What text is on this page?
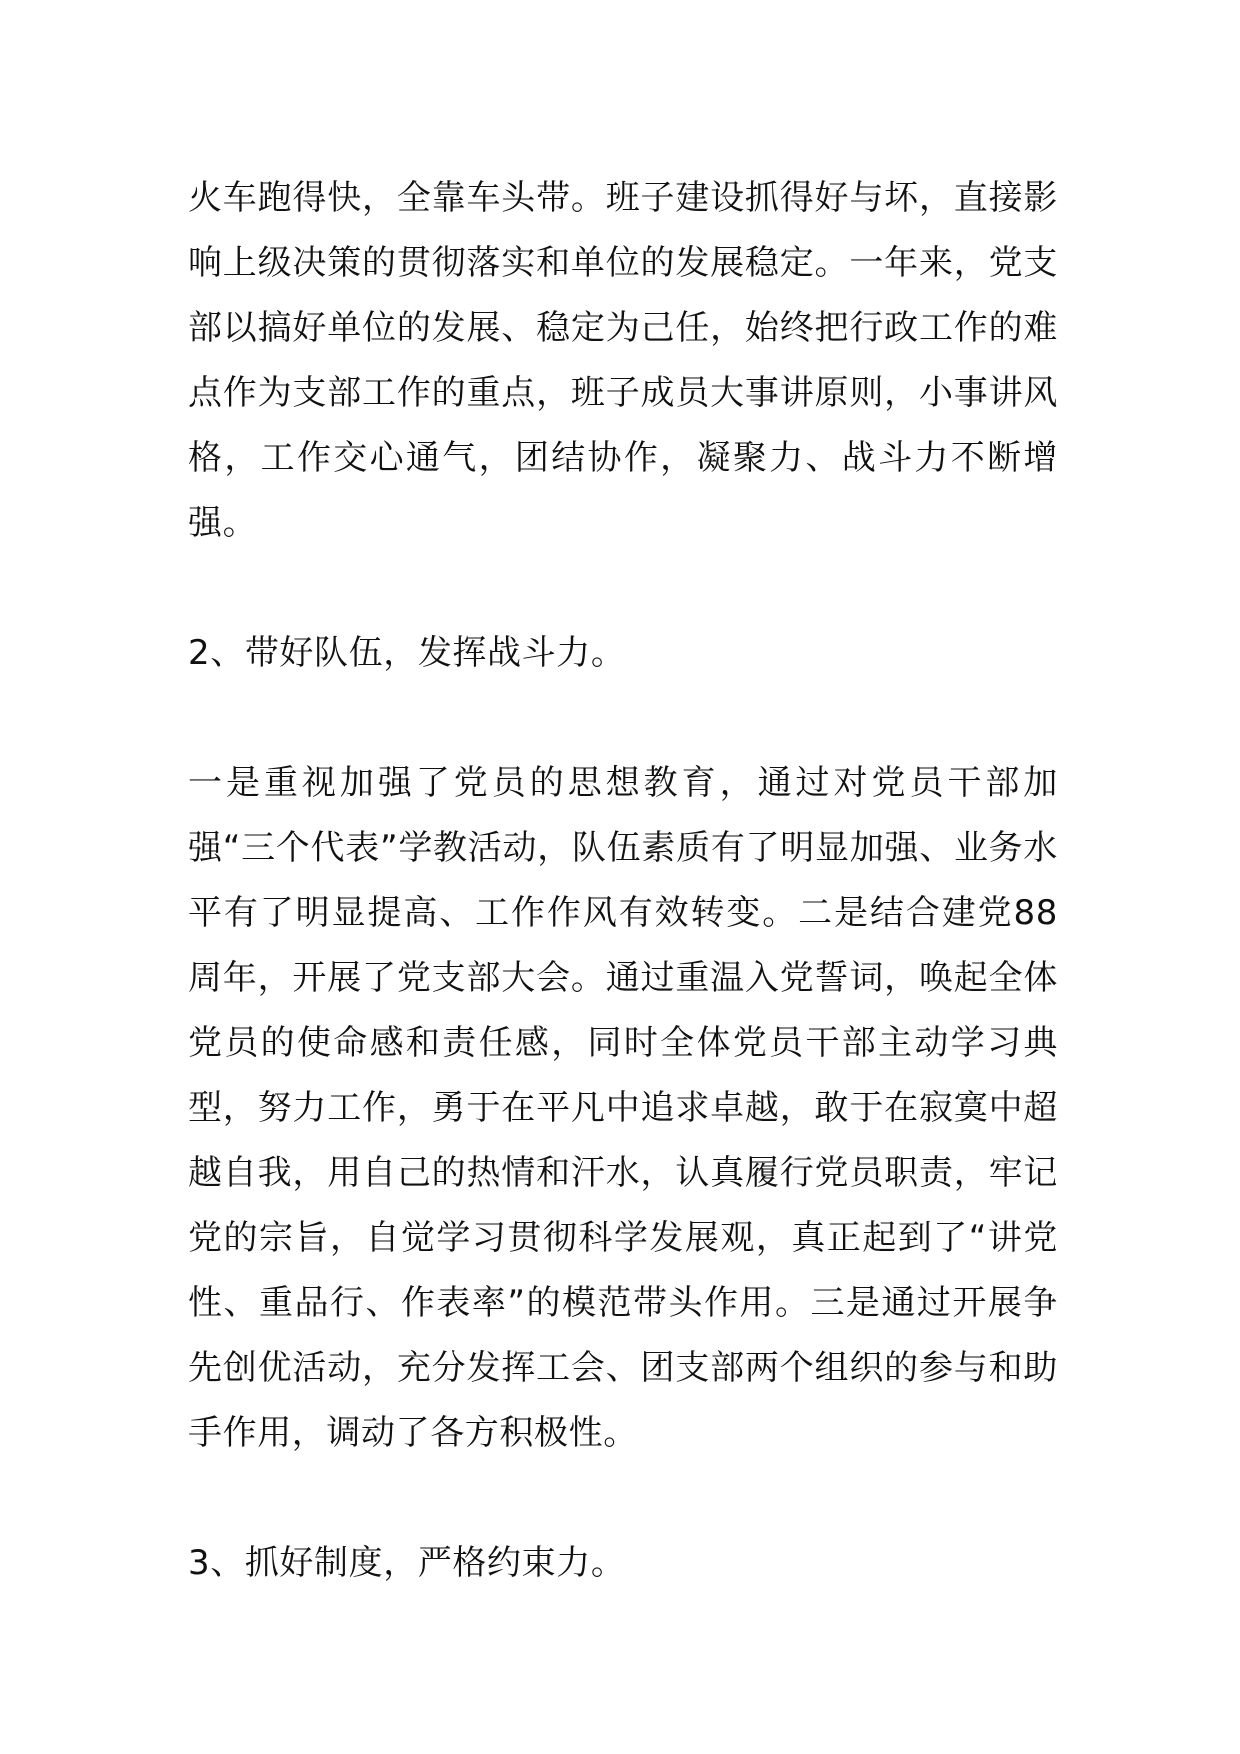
火车跑得快，全靠车头带。班子建设抓得好与坏，直接影响上级决策的贯彻落实和单位的发展稳定。一年来，党支部以搞好单位的发展、稳定为己任，始终把行政工作的难点作为支部工作的重点，班子成员大事讲原则，小事讲风格，工作交心通气，团结协作，凝聚力、战斗力不断增强。

2、带好队伍，发挥战斗力。

一是重视加强了党员的思想教育，通过对党员干部加强“三个代表”学教活动，队伍素质有了明显加强、业务水平有了明显提高、工作作风有效转变。二是结合建党88周年，开展了党支部大会。通过重温入党誓词，唤起全体党员的使命感和责任感，同时全体党员干部主动学习典型，努力工作，勇于在平凡中追求卓越，敢于在寂寞中超越自我，用自己的热情和汗水，认真履行党员职责，牢记党的宗旨，自觉学习贯彻科学发展观，真正起到了“讲党性、重品行、作表率”的模范带头作用。三是通过开展争先创优活动，充分发挥工会、团支部两个组织的参与和助手作用，调动了各方积极性。

3、抓好制度，严格约束力。
